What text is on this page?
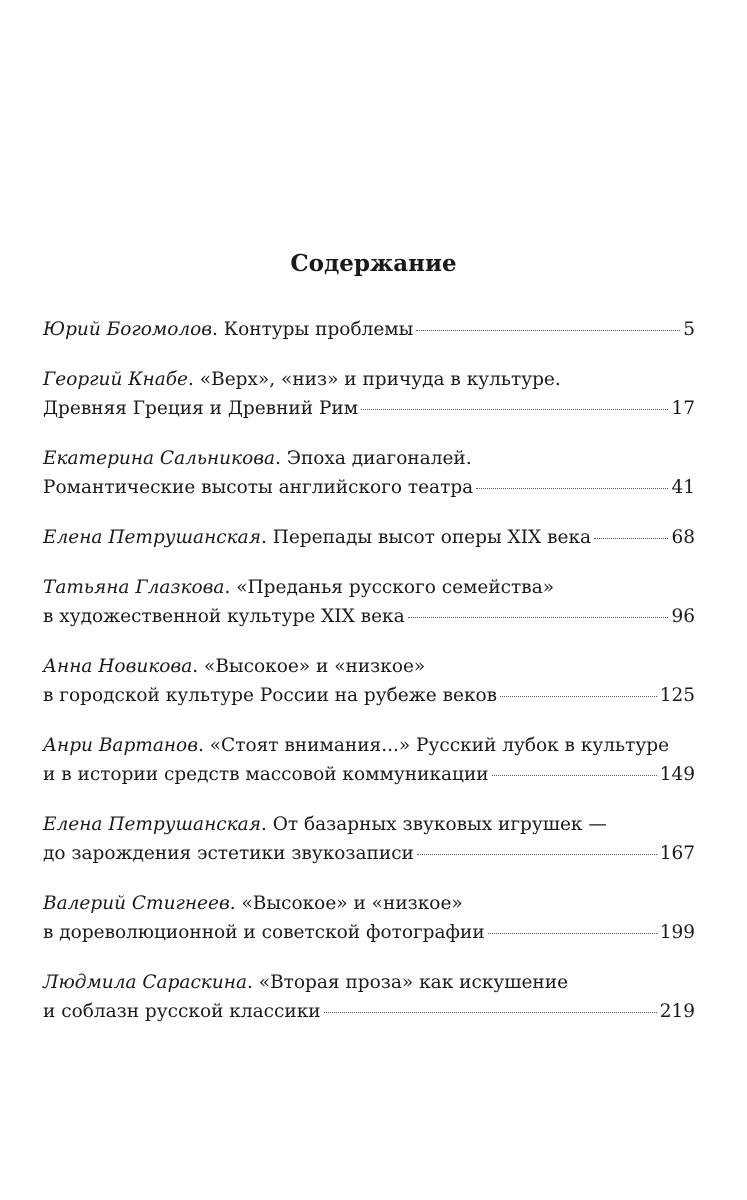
Содержание
Юрий Богомолов. Контуры проблемы	5
Георгий Кнабе. «Верх», «низ» и причуда в культуре.
Древняя Греция и Древний Рим	17
Екатерина Сальникова. Эпоха диагоналей.
Романтические высоты английского театра	41
Елена Петрушанская. Перепады высот оперы XIX века	68
Татьяна Глазкова. «Преданья русского семейства»
в художественной культуре XIX века	96
Анна Новикова. «Высокое» и «низкое»
в городской культуре России на рубеже веков	125
Анри Вартанов. «Стоят внимания...» Русский лубок в культуре
и в истории средств массовой коммуникации	149
Елена Петрушанская. От базарных звуковых игрушек —
до зарождения эстетики звукозаписи	167
Валерий Стигнеев. «Высокое» и «низкое»
в дореволюционной и советской фотографии	199
Людмила Сараскина. «Вторая проза» как искушение
и соблазн русской классики	219
